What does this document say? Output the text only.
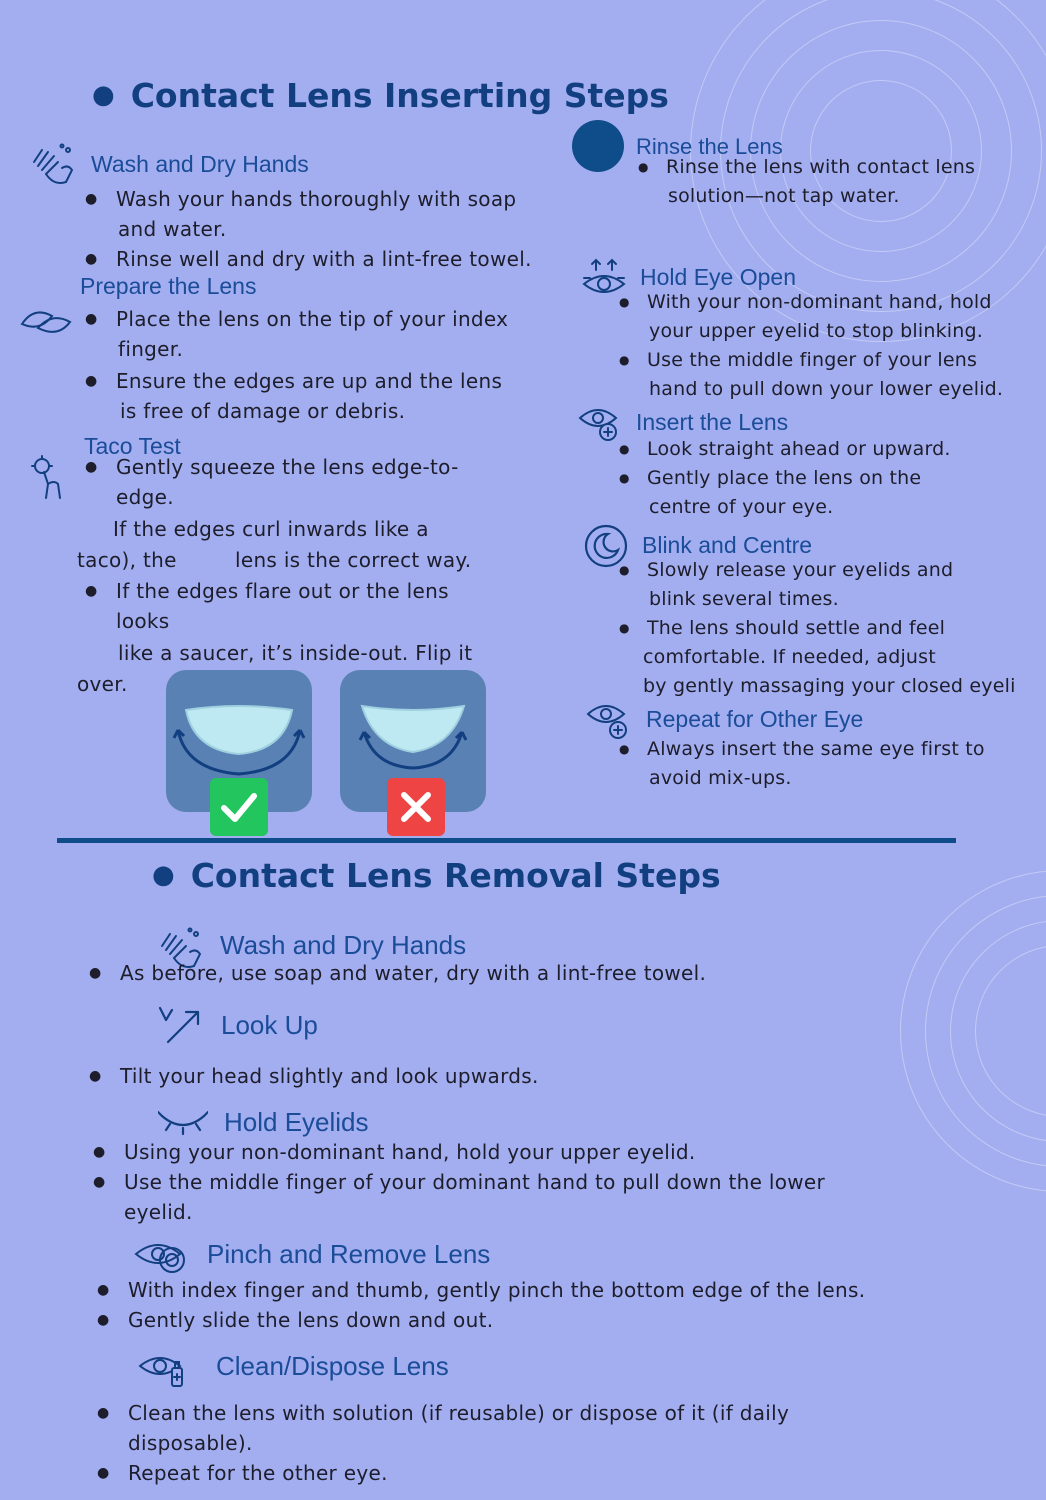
● Contact Lens Inserting Steps
Wash and Dry Hands
● Wash your hands thoroughly with soap
and water.
● Rinse well and dry with a lint-free towel.
Prepare the Lens
● Place the lens on the tip of your index
finger.
● Ensure the edges are up and the lens
is free of damage or debris.
Taco Test
● Gently squeeze the lens edge-to-
edge.
If the edges curl inwards like a
taco), the	lens is the correct way.
● If the edges flare out or the lens
looks
like a saucer, it’s inside-out. Flip it
over.
Rinse the Lens
● Rinse the lens with contact lens
solution—not tap water.
Hold Eye Open
● With your non-dominant hand, hold
your upper eyelid to stop blinking.
● Use the middle finger of your lens
hand to pull down your lower eyelid.
Insert the Lens
● Look straight ahead or upward.
● Gently place the lens on the
centre of your eye.
Blink and Centre
● Slowly release your eyelids and
blink several times.
● The lens should settle and feel
comfortable. If needed, adjust
by gently massaging your closed eyeli
Repeat for Other Eye
● Always insert the same eye first to
avoid mix-ups.
● Contact Lens Removal Steps
Wash and Dry Hands
● As before, use soap and water, dry with a lint-free towel.
Look Up
● Tilt your head slightly and look upwards.
Hold Eyelids
● Using your non-dominant hand, hold your upper eyelid.
● Use the middle finger of your dominant hand to pull down the lower
eyelid.
Pinch and Remove Lens
● With index finger and thumb, gently pinch the bottom edge of the lens.
● Gently slide the lens down and out.
Clean/Dispose Lens
● Clean the lens with solution (if reusable) or dispose of it (if daily
disposable).
● Repeat for the other eye.
